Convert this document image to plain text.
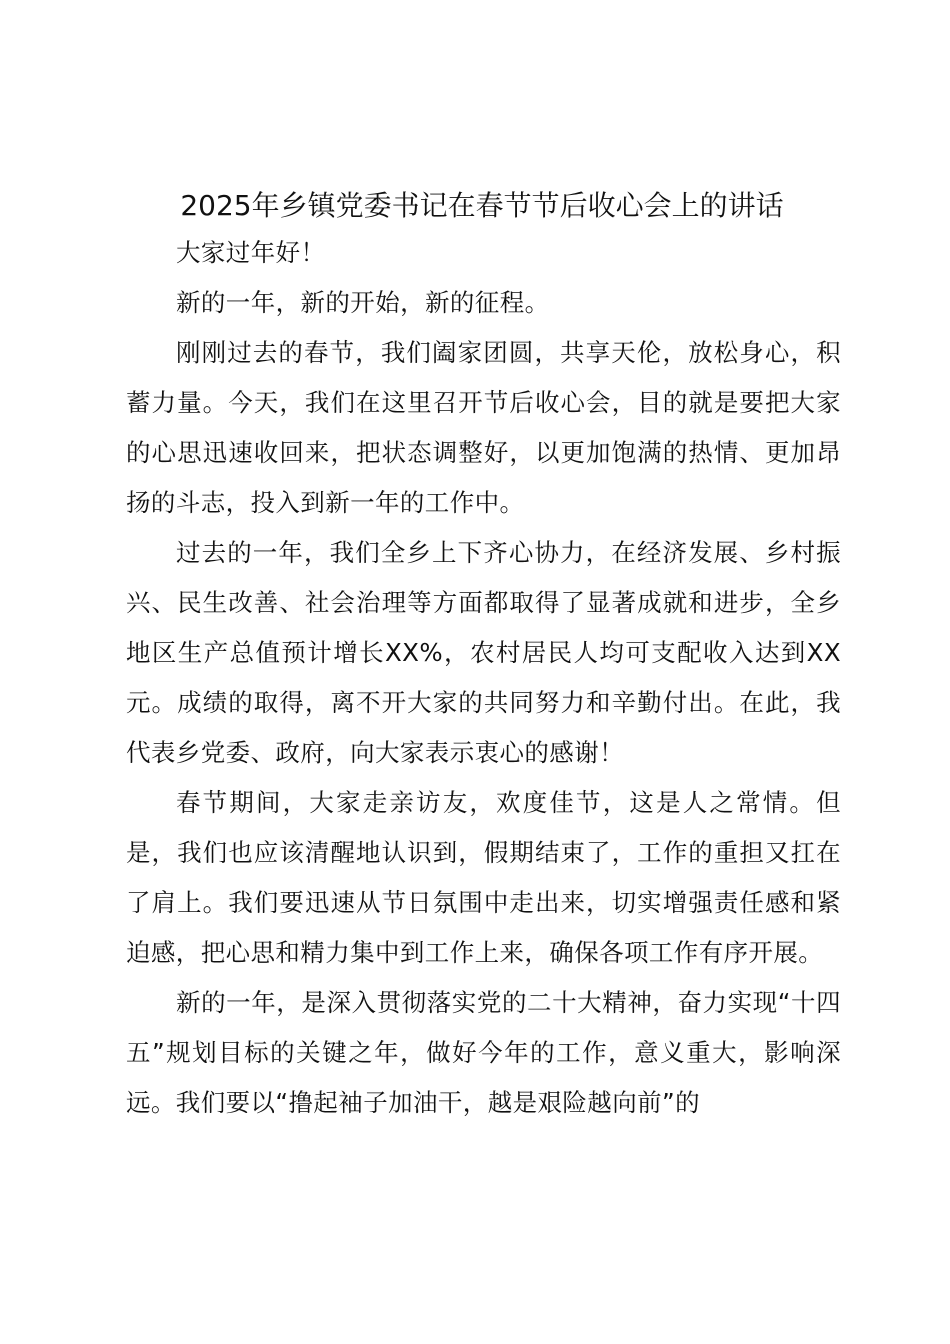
2025年乡镇党委书记在春节节后收心会上的讲话

大家过年好！

新的一年，新的开始，新的征程。

刚刚过去的春节，我们阖家团圆，共享天伦，放松身心，积蓄力量。今天，我们在这里召开节后收心会，目的就是要把大家的心思迅速收回来，把状态调整好，以更加饱满的热情、更加昂扬的斗志，投入到新一年的工作中。

过去的一年，我们全乡上下齐心协力，在经济发展、乡村振兴、民生改善、社会治理等方面都取得了显著成就和进步，全乡地区生产总值预计增长XX%，农村居民人均可支配收入达到XX元。成绩的取得，离不开大家的共同努力和辛勤付出。在此，我代表乡党委、政府，向大家表示衷心的感谢！

春节期间，大家走亲访友，欢度佳节，这是人之常情。但是，我们也应该清醒地认识到，假期结束了，工作的重担又扛在了肩上。我们要迅速从节日氛围中走出来，切实增强责任感和紧迫感，把心思和精力集中到工作上来，确保各项工作有序开展。

新的一年，是深入贯彻落实党的二十大精神，奋力实现“十四五”规划目标的关键之年，做好今年的工作，意义重大，影响深远。我们要以“撸起袖子加油干，越是艰险越向前”的
